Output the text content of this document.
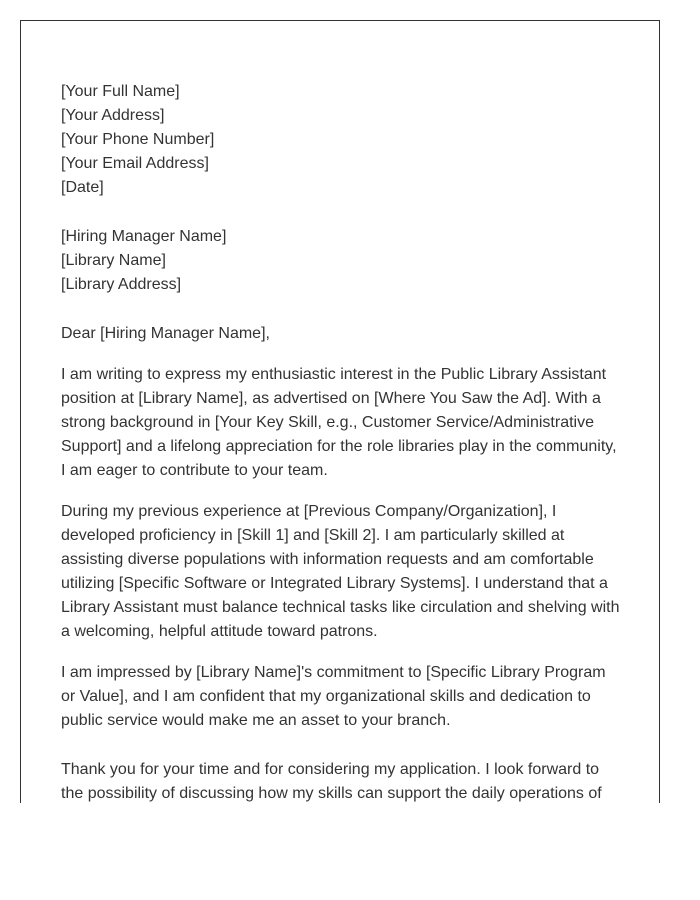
[Your Full Name]
[Your Address]
[Your Phone Number]
[Your Email Address]
[Date]
[Hiring Manager Name]
[Library Name]
[Library Address]
Dear [Hiring Manager Name],
I am writing to express my enthusiastic interest in the Public Library Assistant
position at [Library Name], as advertised on [Where You Saw the Ad]. With a
strong background in [Your Key Skill, e.g., Customer Service/Administrative
Support] and a lifelong appreciation for the role libraries play in the community,
I am eager to contribute to your team.
During my previous experience at [Previous Company/Organization], I
developed proficiency in [Skill 1] and [Skill 2]. I am particularly skilled at
assisting diverse populations with information requests and am comfortable
utilizing [Specific Software or Integrated Library Systems]. I understand that a
Library Assistant must balance technical tasks like circulation and shelving with
a welcoming, helpful attitude toward patrons.
I am impressed by [Library Name]'s commitment to [Specific Library Program
or Value], and I am confident that my organizational skills and dedication to
public service would make me an asset to your branch.
Thank you for your time and for considering my application. I look forward to
the possibility of discussing how my skills can support the daily operations of
